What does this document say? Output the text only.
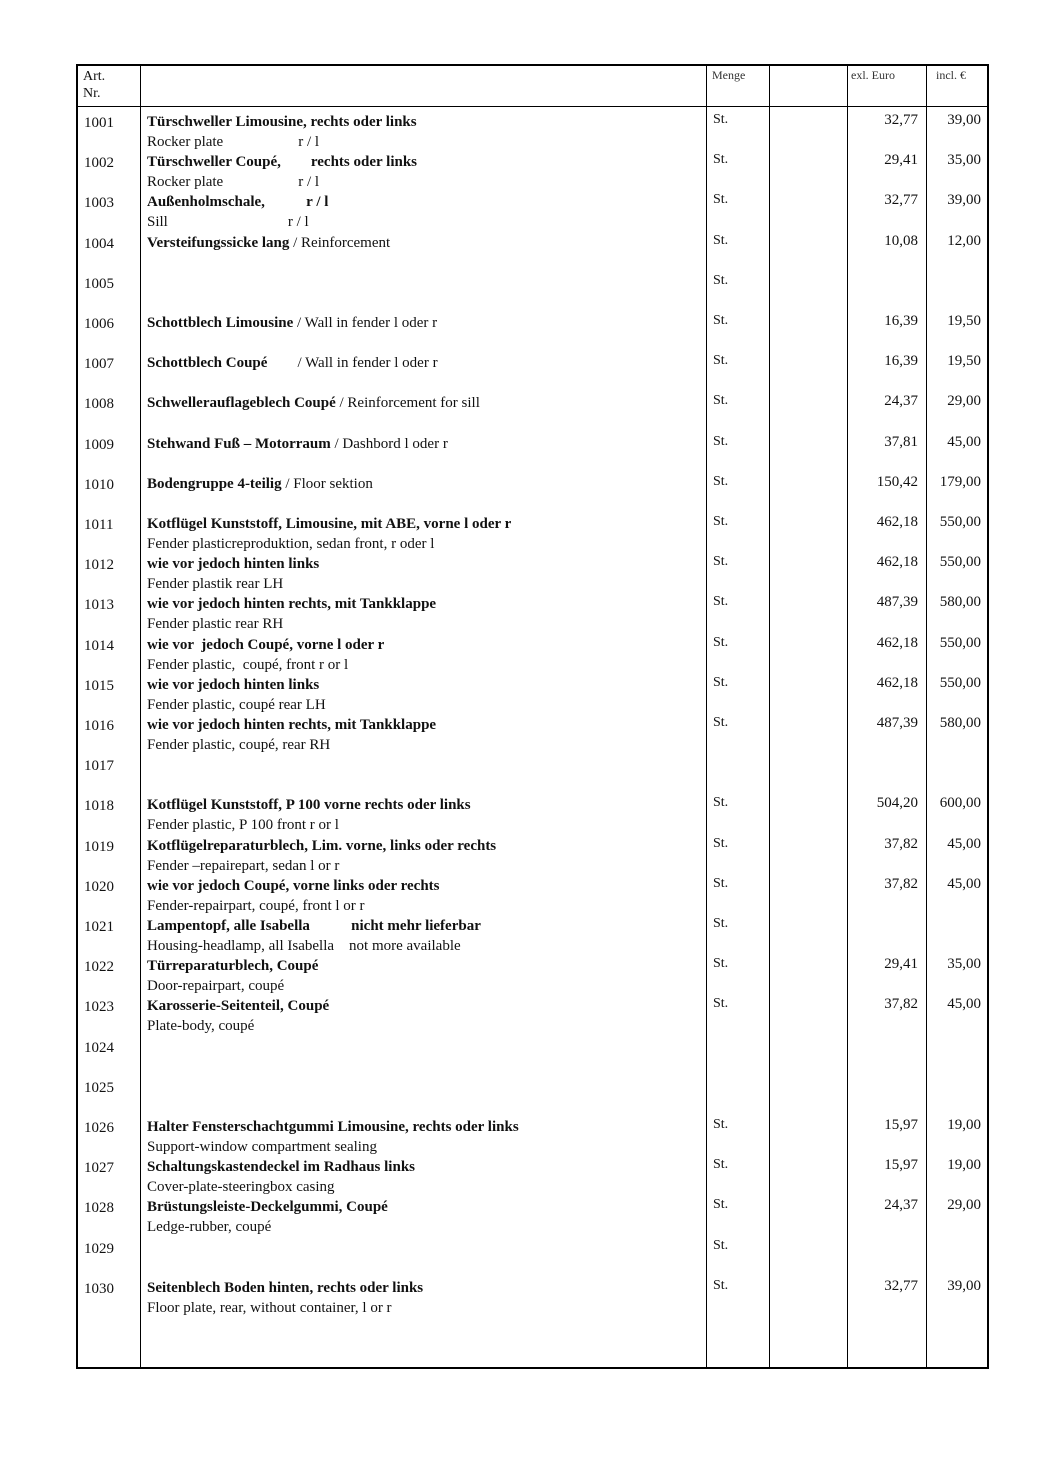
Art.
Nr.
Menge	exl. Euro	incl. €
1001 Türschweller Limousine, rechts oder links
Rocker plate                    r / l
St.	32,77 39,00
1002 Türschweller Coupé,        rechts oder links
Rocker plate                    r / l
St.	29,41 35,00
1003 Außenholmschale,           r / l
Sill                                r / l
St.	32,77 39,00
1004 Versteifungssicke lang / Reinforcement	St.	10,08 12,00
1005	St.
1006 Schottblech Limousine / Wall in fender l oder r	St.	16,39 19,50
1007 Schottblech Coupé        / Wall in fender l oder r	St.	16,39 19,50
1008 Schwellerauflageblech Coupé / Reinforcement for sill	St.	24,37 29,00
1009 Stehwand Fuß – Motorraum / Dashbord l oder r	St.	37,81 45,00
1010 Bodengruppe 4-teilig / Floor sektion	St.	150,42 179,00
1011 Kotflügel Kunststoff, Limousine, mit ABE, vorne l oder r
Fender plasticreproduktion, sedan front, r oder l
St.	462,18 550,00
1012 wie vor jedoch hinten links
Fender plastik rear LH
St.	462,18 550,00
1013 wie vor jedoch hinten rechts, mit Tankklappe
Fender plastic rear RH
St.	487,39 580,00
1014 wie vor  jedoch Coupé, vorne l oder r
Fender plastic,  coupé, front r or l
St.	462,18 550,00
1015 wie vor jedoch hinten links
Fender plastic, coupé rear LH
St.	462,18 550,00
1016 wie vor jedoch hinten rechts, mit Tankklappe
Fender plastic, coupé, rear RH
St.	487,39 580,00
1017
1018 Kotflügel Kunststoff, P 100 vorne rechts oder links
Fender plastic, P 100 front r or l
St.	504,20 600,00
1019 Kotflügelreparaturblech, Lim. vorne, links oder rechts
Fender –repairepart, sedan l or r
St.	37,82 45,00
1020 wie vor jedoch Coupé, vorne links oder rechts
Fender-repairpart, coupé, front l or r
St.	37,82 45,00
1021 Lampentopf, alle Isabella           nicht mehr lieferbar
Housing-headlamp, all Isabella    not more available
St.
1022 Türreparaturblech, Coupé
Door-repairpart, coupé
St.	29,41 35,00
1023 Karosserie-Seitenteil, Coupé
Plate-body, coupé
St.	37,82 45,00
1024
1025
1026 Halter Fensterschachtgummi Limousine, rechts oder links
Support-window compartment sealing
St.	15,97 19,00
1027 Schaltungskastendeckel im Radhaus links
Cover-plate-steeringbox casing
St.	15,97 19,00
1028 Brüstungsleiste-Deckelgummi, Coupé
Ledge-rubber, coupé
St.	24,37 29,00
1029	St.
1030 Seitenblech Boden hinten, rechts oder links
Floor plate, rear, without container, l or r
St.	32,77 39,00
